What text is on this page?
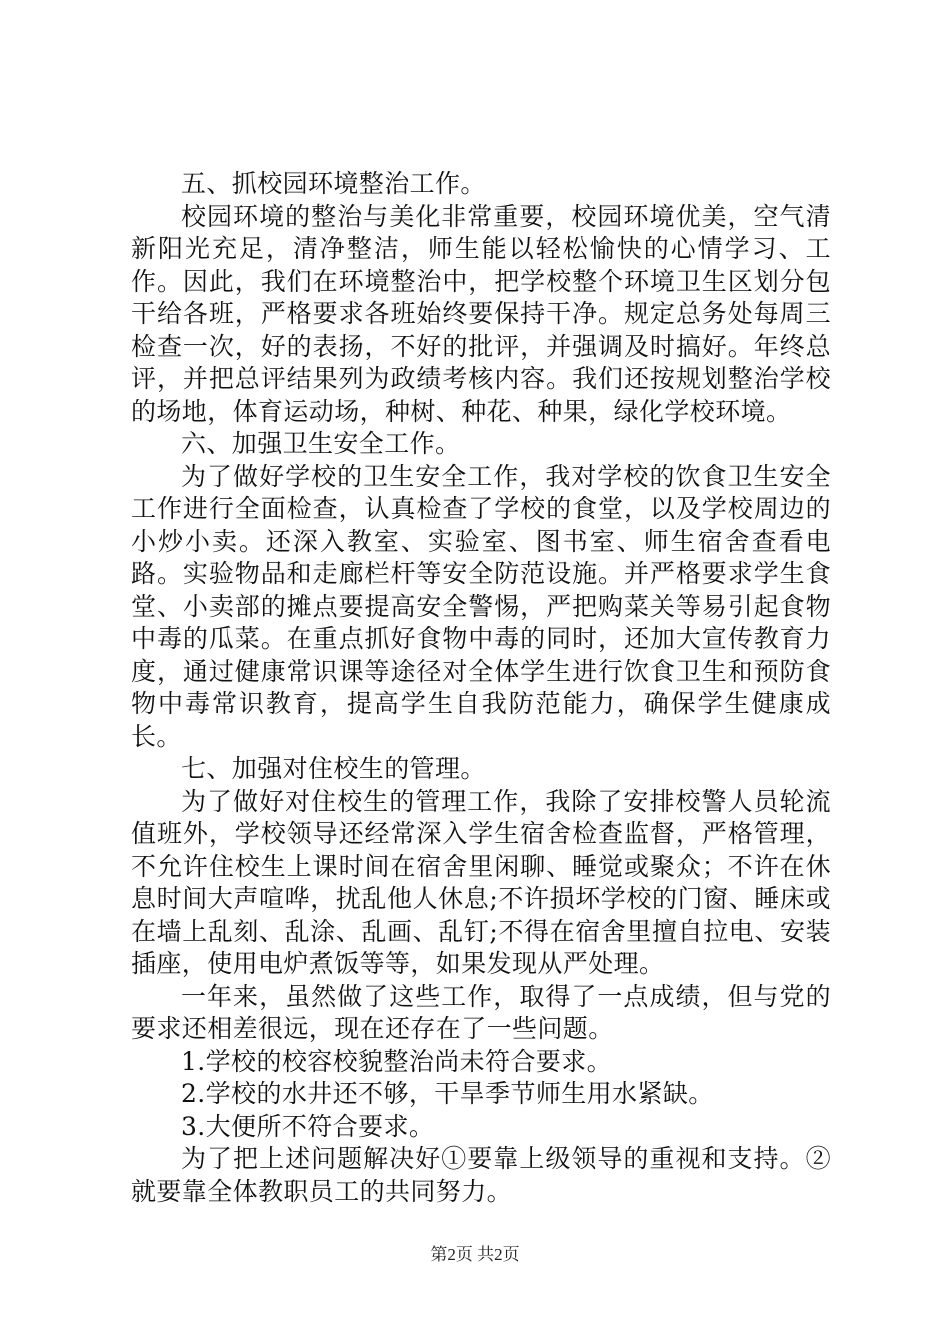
五、抓校园环境整治工作。

校园环境的整治与美化非常重要，校园环境优美，空气清新阳光充足，清净整洁，师生能以轻松愉快的心情学习、工作。因此，我们在环境整治中，把学校整个环境卫生区划分包干给各班，严格要求各班始终要保持干净。规定总务处每周三检查一次，好的表扬，不好的批评，并强调及时搞好。年终总评，并把总评结果列为政绩考核内容。我们还按规划整治学校的场地，体育运动场，种树、种花、种果，绿化学校环境。

六、加强卫生安全工作。

为了做好学校的卫生安全工作，我对学校的饮食卫生安全工作进行全面检查，认真检查了学校的食堂，以及学校周边的小炒小卖。还深入教室、实验室、图书室、师生宿舍查看电路。实验物品和走廊栏杆等安全防范设施。并严格要求学生食堂、小卖部的摊点要提高安全警惕，严把购菜关等易引起食物中毒的瓜菜。在重点抓好食物中毒的同时，还加大宣传教育力度，通过健康常识课等途径对全体学生进行饮食卫生和预防食物中毒常识教育，提高学生自我防范能力，确保学生健康成长。

七、加强对住校生的管理。

为了做好对住校生的管理工作，我除了安排校警人员轮流值班外，学校领导还经常深入学生宿舍检查监督，严格管理，不允许住校生上课时间在宿舍里闲聊、睡觉或聚众；不许在休息时间大声喧哗，扰乱他人休息;不许损坏学校的门窗、睡床或在墙上乱刻、乱涂、乱画、乱钉;不得在宿舍里擅自拉电、安装插座，使用电炉煮饭等等，如果发现从严处理。

一年来，虽然做了这些工作，取得了一点成绩，但与党的要求还相差很远，现在还存在了一些问题。

1.学校的校容校貌整治尚未符合要求。

2.学校的水井还不够，干旱季节师生用水紧缺。

3.大便所不符合要求。

为了把上述问题解决好①要靠上级领导的重视和支持。②就要靠全体教职员工的共同努力。

第2页 共2页
